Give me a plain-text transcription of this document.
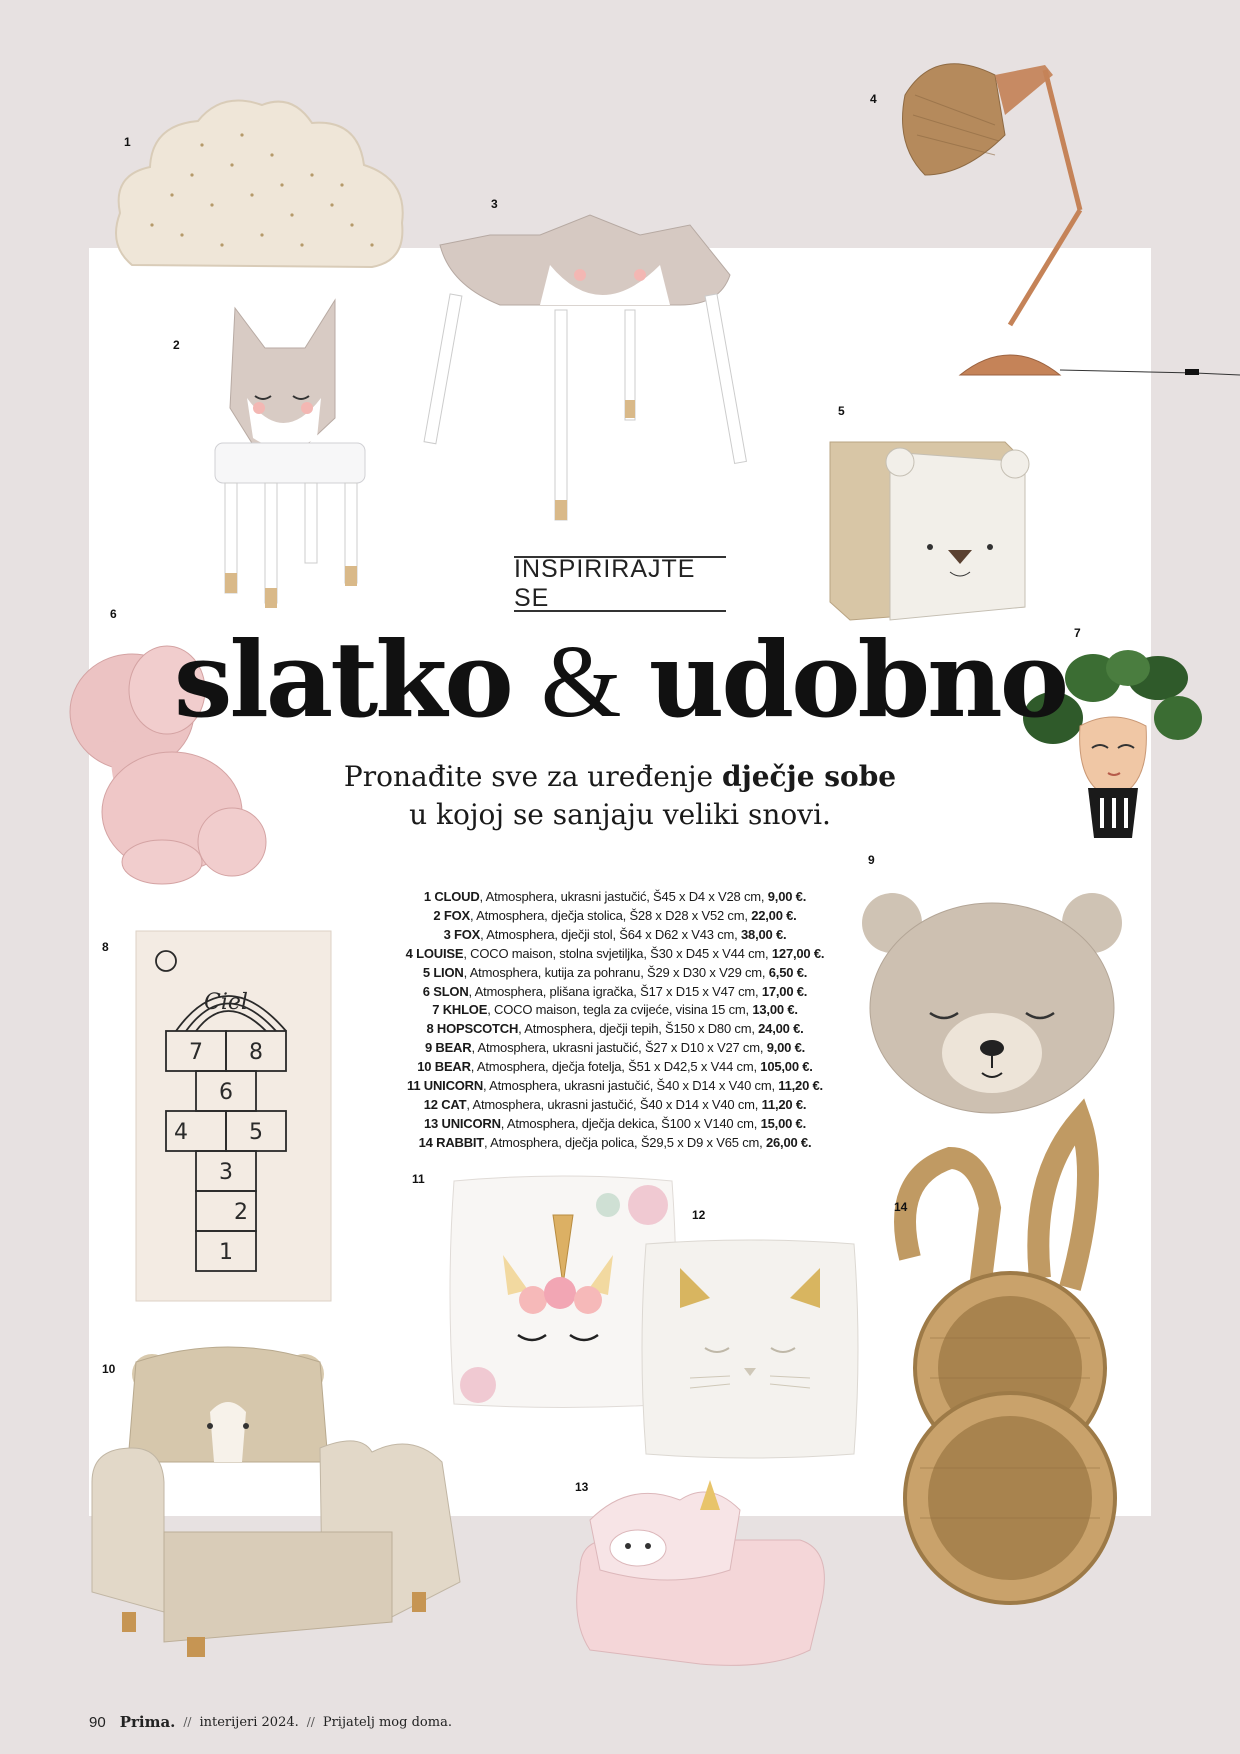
1
2
3
4
5
6
7
Ciel
7 8
6
4	5
3
2
1
8
9
10
11
12
13
14
INSPIRIRAJTE SE
slatko & udobno
Pronađite sve za uređenje dječje sobe
u kojoj se sanjaju veliki snovi.
1 CLOUD, Atmosphera, ukrasni jastučić, Š45 x D4 x V28 cm, 9,00 €.
2 FOX, Atmosphera, dječja stolica, Š28 x D28 x V52 cm, 22,00 €.
3 FOX, Atmosphera, dječji stol, Š64 x D62 x V43 cm, 38,00 €.
4 LOUISE, COCO maison, stolna svjetiljka, Š30 x D45 x V44 cm, 127,00 €.
5 LION, Atmosphera, kutija za pohranu, Š29 x D30 x V29 cm, 6,50 €.
6 SLON, Atmosphera, plišana igračka, Š17 x D15 x V47 cm, 17,00 €.
7 KHLOE, COCO maison, tegla za cvijeće, visina 15 cm, 13,00 €.
8 HOPSCOTCH, Atmosphera, dječji tepih, Š150 x D80 cm, 24,00 €.
9 BEAR, Atmosphera, ukrasni jastučić, Š27 x D10 x V27 cm, 9,00 €.
10 BEAR, Atmosphera, dječja fotelja, Š51 x D42,5 x V44 cm, 105,00 €.
11 UNICORN, Atmosphera, ukrasni jastučić, Š40 x D14 x V40 cm, 11,20 €.
12 CAT, Atmosphera, ukrasni jastučić, Š40 x D14 x V40 cm, 11,20 €.
13 UNICORN, Atmosphera, dječja dekica, Š100 x V140 cm, 15,00 €.
14 RABBIT, Atmosphera, dječja polica, Š29,5 x D9 x V65 cm, 26,00 €.
90 Prima. // interijeri 2024. // Prijatelj mog doma.
